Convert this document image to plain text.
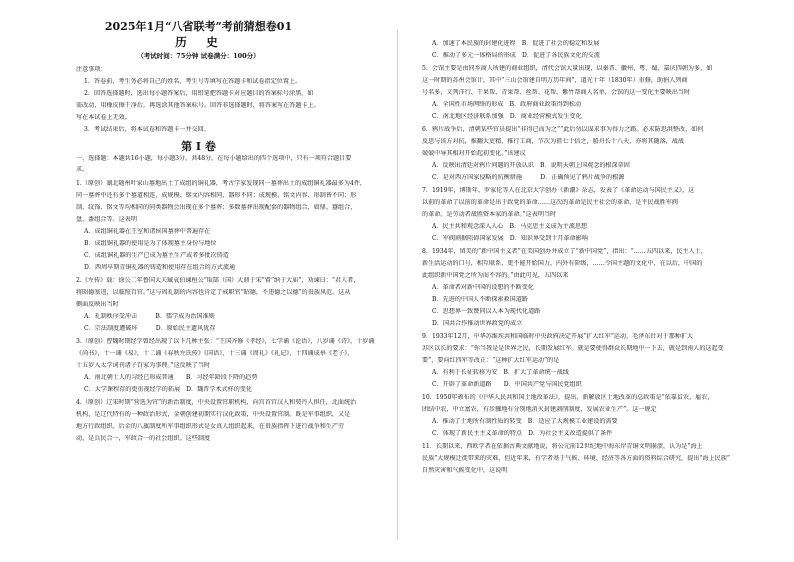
2025年1月“八省联考”考前猜想卷01
历　史
（考试时间：75分钟 试卷满分：100分）
注意事项：
1．答卷前，考生务必将自己的姓名、考生号等填写在答题卡和试卷指定位置上。
2．回答选择题时，选出每小题答案后，用铅笔把答题卡对应题目的答案标号涂黑。如
需改动，用橡皮擦干净后，再选涂其他答案标号。回答非选择题时，将答案写在答题卡上。
写在本试卷上无效。
3．考试结束后，将本试卷和答题卡一并交回。
第 I 卷
一、选择题：本题共16小题，每小题3分，共48分。在每小题给出的四个选项中，只有一项符合题目要
求。
1.（原创）湖北随州叶家山墓地出土了成组的铜礼器，考古学家发现同一墓葬出土的成组铜礼器最多为4件，
同一墓葬中还有多个墓道相连，成规模、铭文内容相同，器形不同；成规模、铭文内容、形制皆不同；形
制、纹饰、铭文等均相同的同类器物会出现在多个墓葬；多数墓葬出现配套的器物组合，如鼎、簋组合，
盘、盉组合等。这表明
A．成组铜礼器在王室和诸侯国墓葬中普遍存在
B．成组铜礼器的使用是为了体现墓主身份与地位
C．成组铜礼器的生产已成为墓主生产或者多批次铸造
D．西周早期青铜礼器的铸造和使用存在组合的方式流通
2.《左传》载：徐公二年鲁国大夫臧哀伯谏桓公“取郜（国）大鼎于宋”置“纳于大庙”，劝谏曰：“君人者，
将昭德塞违，以临照百官。”这与周礼制的内容也肯定了戒职官“昭德，不违德之以德”的贵族风范。这从
侧面反映出当时
A．礼制秩序受冲击　　　B．儒学成为治国准则
C．宗法制度遭破坏　　　D．原始民主遗风犹存
3.（原创）曹魏时期经学曾经出现了以下几种主张：“王国齐修《孝经》，七学诵《论语》，八岁诵《诗》，十岁诵
《尚书》，十一诵《易》，十二诵《春秋左氏传》《国语》，十三诵《周礼》《礼记》，十四诵成皋《老子》，
十五岁入太学词刊诸子百家为事理。”这反映了当时
A．南北朝士人的习经已形成普通　　B．习经年龄段下降的趋势
C．大学课程存的更重视经学的拓展　D．魏晋学术式样的变化
4.（原创）辽宋时期“营选为官”的新治制度，中央设置官职机构，向宫首宫汉人和契丹人担任，北面统治
机构，是辽代特有的一种政治形式，金朝创建初期实行汉化政策，中央设置官制。既是军事组织，又是
地方行政组织。后金的八旗制度所军事组织形式是女真人组织起来，在贵族指挥下进行战争和生产劳
动，是兵民合一，军政合一的社会组织。这些制度
A．加速了本民族的封建化进程　B．促进了社会的稳定和发展
C．推动了多元一体格局的形成　D．促进了各民族文化的交流
5．会馆主要是由同乡商人所建的商业组织，清代会馆大量出现，以秦晋、徽州、粤、蜀、嘉庆四朝为多，如
这一时期的苏州会馆计，其中“三山会馆建自明万历年间”，道光十年（1830年）重修，助捐人列商
号名多，又列洋行、干果帮、青果帮、丝帮、花帮、紫竹帮商人名单，会馆的这一变化主要映出当时
A．全国性市场网络的形成　B．政府商业政策得到松动
C．南北地区经济联系加强　D．商业经营模式发生变化
6．鸦片战争后，清朝某些官员提出“非得已而为之”“此后勿以谋求事为得力之路。必求防思洪整改，如何
反思与该方对抗，推翻大吏精，推行工商，节次为祖七十倍之，船舟长十八天，亦将其随落，战战
兢兢中导其相对开始起初变化。”该建议
A．反映出清廷对鸦片问题的开放认识　B．说明天朝上国观念的根深蒂固
C．是对西方国家侵略的抗衡措施　　　D．正确预见了鸦片战争的根源
7．1919年，博斯年、罗家伦等人在北京大学创办《新潮》杂志，发表了《革命运动与国民主义》，这
以前的革命了以前的革命是出于政党的革命……这次的革命是民主社会的革命，是平民战胜军阀
的革命。是劳动者战胜资本家的革命。”这表明当时
A．民主共和观念深入人心　B．马克思主义成为主流思想
C．军阀割据阻碍国家发展　D．知识界受到十月革命影响
8．1934年，留美的“新中国主义者”在美国创办并成立了“新中国党”，指出：“……五四以来，民主人士，
新生活运动的口号，相互联系，更不能开始国力，内外有阶级，……令国主题的文化中，在以后，中国的
此组织新中国党之所为而不容的。”由此可见，五四以来
A．革命者对新中国的设想的不断变化
B．先进的中国人不断探索救国道路
C．思想界一致赞同以人本为现代化道路
D．国共合作推动世界政党的成立
9．1933年12月，中华苏维埃共和国临时中央政府决定开展“扩大红军”运动，毛泽东针对于那种扩大
苏区以长的要求：“你当我是是世界之民，长期发展红军。就是要使得群众长期地中一下去，就是到南人的这起变
要”，要向红四军等改正：“这种扩大红军运动”的是
A．有利于长征转移为安　B．扩大了革命统一战线
C．开辟了革命新道路　　D．中国共产党与国民党组织
10．1950年颁布的《中华人民共和国土地改革法》，提出，新解放区土地改革的总政策是“依靠贫农、雇农，
团结中农，中立富农，有步骤地有分别地消灭封建剥削制度，发展农业生产”。这一规定
A．推动了土地所有制性质的转变　B．适应了大规模工业建设的需要
C．体现了新民主主义革命的特点　D．为社会主义改造提供了条件
11．长期以来，西欧学者在依据古典文献地说，将公元前12世纪地中海东岸青铜文明崩溃，认为是“海上
民族”大规模迁徙带来的灾难，但近年来，有学者基于气候、环境、经济等各方面的资料综合研究，提出“海上民族”
自然灾害和气候变化中，这说明
